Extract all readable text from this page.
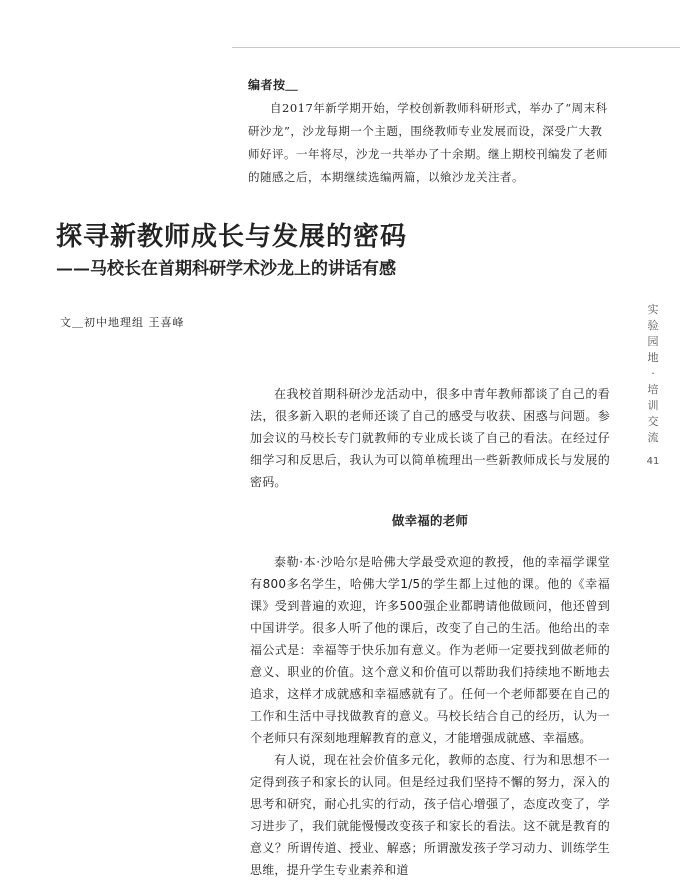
编者按＿
自2017年新学期开始，学校创新教师科研形式，举办了“周末科研沙龙”，沙龙每期一个主题，围绕教师专业发展而设，深受广大教师好评。一年将尽，沙龙一共举办了十余期。继上期校刊编发了老师的随感之后，本期继续选编两篇，以飨沙龙关注者。
探寻新教师成长与发展的密码
——马校长在首期科研学术沙龙上的讲话有感
文＿初中地理组 王喜峰
实验园地·培训交流
41

在我校首期科研沙龙活动中，很多中青年教师都谈了自己的看法，很多新入职的老师还谈了自己的感受与收获、困惑与问题。参加会议的马校长专门就教师的专业成长谈了自己的看法。在经过仔细学习和反思后，我认为可以简单梳理出一些新教师成长与发展的密码。

做幸福的老师

泰勒·本·沙哈尔是哈佛大学最受欢迎的教授，他的幸福学课堂有800多名学生，哈佛大学1/5的学生都上过他的课。他的《幸福课》受到普遍的欢迎，许多500强企业都聘请他做顾问，他还曾到中国讲学。很多人听了他的课后，改变了自己的生活。他给出的幸福公式是：幸福等于快乐加有意义。作为老师一定要找到做老师的意义、职业的价值。这个意义和价值可以帮助我们持续地不断地去追求，这样才成就感和幸福感就有了。任何一个老师都要在自己的工作和生活中寻找做教育的意义。马校长结合自己的经历，认为一个老师只有深刻地理解教育的意义，才能增强成就感、幸福感。

有人说，现在社会价值多元化，教师的态度、行为和思想不一定得到孩子和家长的认同。但是经过我们坚持不懈的努力，深入的思考和研究，耐心扎实的行动，孩子信心增强了，态度改变了，学习进步了，我们就能慢慢改变孩子和家长的看法。这不就是教育的意义？所谓传道、授业、解惑；所谓激发孩子学习动力、训练学生思维，提升学生专业素养和道
